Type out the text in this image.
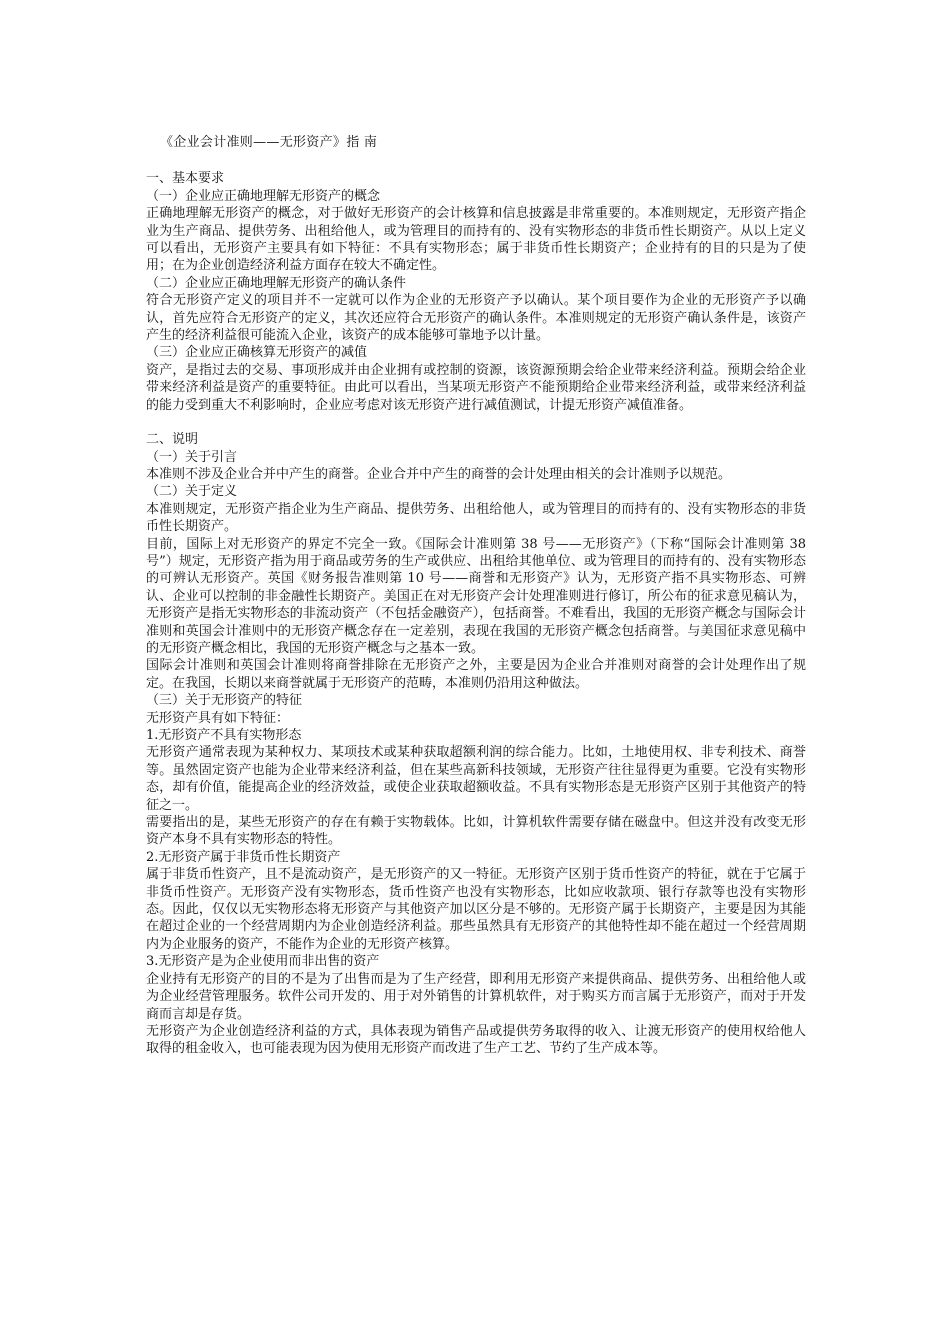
《企业会计准则——无形资产》指 南

一、基本要求

（一）企业应正确地理解无形资产的概念

正确地理解无形资产的概念，对于做好无形资产的会计核算和信息披露是非常重要的。本准则规定，无形资产指企业为生产商品、提供劳务、出租给他人，或为管理目的而持有的、没有实物形态的非货币性长期资产。从以上定义可以看出，无形资产主要具有如下特征：不具有实物形态；属于非货币性长期资产；企业持有的目的只是为了使用；在为企业创造经济利益方面存在较大不确定性。

（二）企业应正确地理解无形资产的确认条件

符合无形资产定义的项目并不一定就可以作为企业的无形资产予以确认。某个项目要作为企业的无形资产予以确认，首先应符合无形资产的定义，其次还应符合无形资产的确认条件。本准则规定的无形资产确认条件是，该资产产生的经济利益很可能流入企业，该资产的成本能够可靠地予以计量。

（三）企业应正确核算无形资产的减值

资产，是指过去的交易、事项形成并由企业拥有或控制的资源，该资源预期会给企业带来经济利益。预期会给企业带来经济利益是资产的重要特征。由此可以看出，当某项无形资产不能预期给企业带来经济利益，或带来经济利益的能力受到重大不利影响时，企业应考虑对该无形资产进行减值测试，计提无形资产减值准备。

二、说明

（一）关于引言

本准则不涉及企业合并中产生的商誉。企业合并中产生的商誉的会计处理由相关的会计准则予以规范。

（二）关于定义

本准则规定，无形资产指企业为生产商品、提供劳务、出租给他人，或为管理目的而持有的、没有实物形态的非货币性长期资产。

目前，国际上对无形资产的界定不完全一致。《国际会计准则第 38 号——无形资产》（下称“国际会计准则第 38 号”）规定，无形资产指为用于商品或劳务的生产或供应、出租给其他单位、或为管理目的而持有的、没有实物形态的可辨认无形资产。英国《财务报告准则第 10 号——商誉和无形资产》认为，无形资产指不具实物形态、可辨认、企业可以控制的非金融性长期资产。美国正在对无形资产会计处理准则进行修订，所公布的征求意见稿认为，无形资产是指无实物形态的非流动资产（不包括金融资产），包括商誉。不难看出，我国的无形资产概念与国际会计准则和英国会计准则中的无形资产概念存在一定差别，表现在我国的无形资产概念包括商誉。与美国征求意见稿中的无形资产概念相比，我国的无形资产概念与之基本一致。

国际会计准则和英国会计准则将商誉排除在无形资产之外，主要是因为企业合并准则对商誉的会计处理作出了规定。在我国，长期以来商誉就属于无形资产的范畴，本准则仍沿用这种做法。

（三）关于无形资产的特征

无形资产具有如下特征：

1.无形资产不具有实物形态

无形资产通常表现为某种权力、某项技术或某种获取超额利润的综合能力。比如，土地使用权、非专利技术、商誉等。虽然固定资产也能为企业带来经济利益，但在某些高新科技领域，无形资产往往显得更为重要。它没有实物形态，却有价值，能提高企业的经济效益，或使企业获取超额收益。不具有实物形态是无形资产区别于其他资产的特征之一。

需要指出的是，某些无形资产的存在有赖于实物载体。比如，计算机软件需要存储在磁盘中。但这并没有改变无形资产本身不具有实物形态的特性。

2.无形资产属于非货币性长期资产

属于非货币性资产，且不是流动资产，是无形资产的又一特征。无形资产区别于货币性资产的特征，就在于它属于非货币性资产。无形资产没有实物形态，货币性资产也没有实物形态，比如应收款项、银行存款等也没有实物形态。因此，仅仅以无实物形态将无形资产与其他资产加以区分是不够的。无形资产属于长期资产，主要是因为其能在超过企业的一个经营周期内为企业创造经济利益。那些虽然具有无形资产的其他特性却不能在超过一个经营周期内为企业服务的资产，不能作为企业的无形资产核算。

3.无形资产是为企业使用而非出售的资产

企业持有无形资产的目的不是为了出售而是为了生产经营，即利用无形资产来提供商品、提供劳务、出租给他人或为企业经营管理服务。软件公司开发的、用于对外销售的计算机软件，对于购买方而言属于无形资产，而对于开发商而言却是存货。

无形资产为企业创造经济利益的方式，具体表现为销售产品或提供劳务取得的收入、让渡无形资产的使用权给他人取得的租金收入，也可能表现为因为使用无形资产而改进了生产工艺、节约了生产成本等。
